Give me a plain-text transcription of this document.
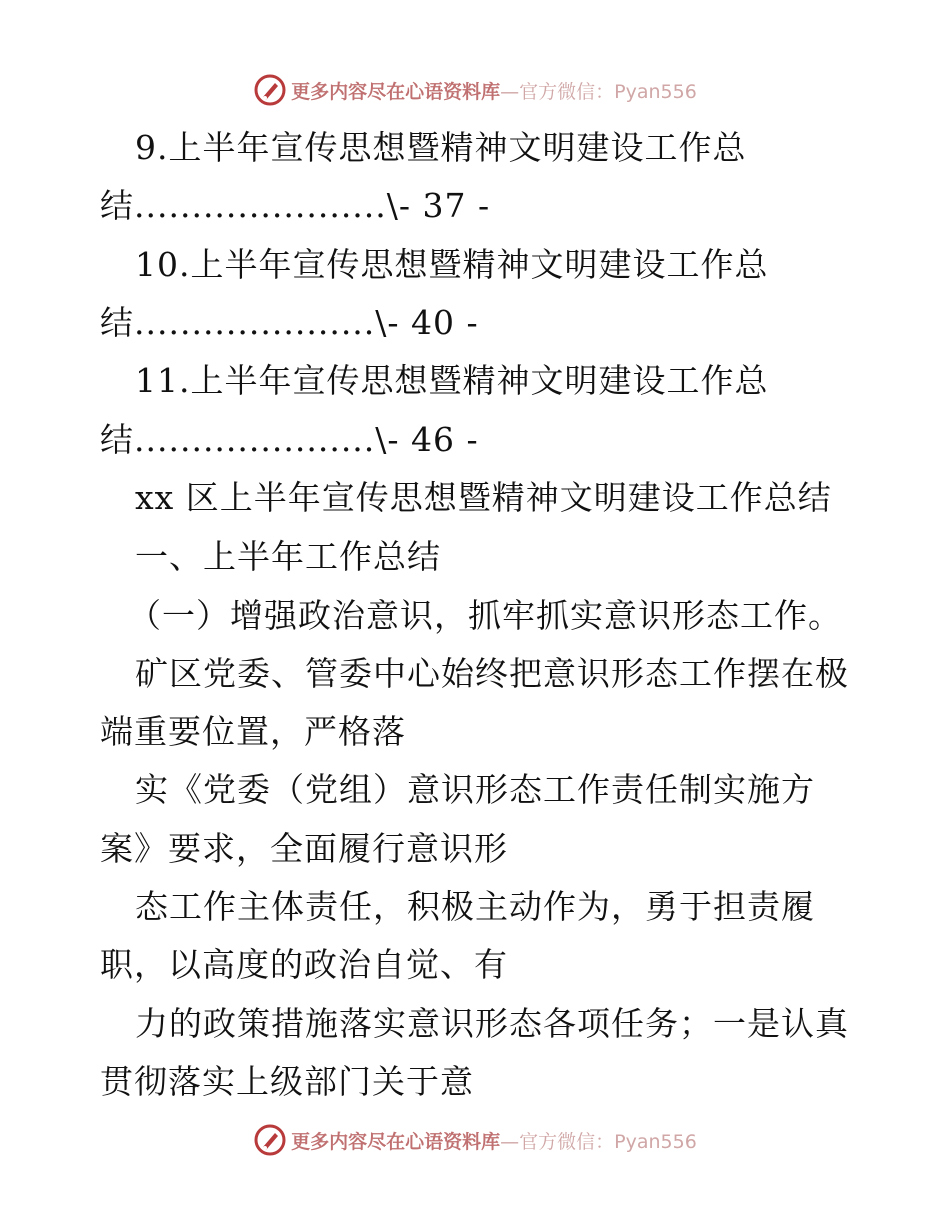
更多内容尽在心语资料库—官方微信：Pyan556
9.上半年宣传思想暨精神文明建设工作总
结......................\- 37 -
10.上半年宣传思想暨精神文明建设工作总
结.....................\- 40 -
11.上半年宣传思想暨精神文明建设工作总
结.....................\- 46 -
xx 区上半年宣传思想暨精神文明建设工作总结
一、上半年工作总结
（一）增强政治意识，抓牢抓实意识形态工作。
矿区党委、管委中心始终把意识形态工作摆在极
端重要位置，严格落
实《党委（党组）意识形态工作责任制实施方
案》要求，全面履行意识形
态工作主体责任，积极主动作为，勇于担责履
职，以高度的政治自觉、有
力的政策措施落实意识形态各项任务；一是认真
贯彻落实上级部门关于意
更多内容尽在心语资料库—官方微信：Pyan556
